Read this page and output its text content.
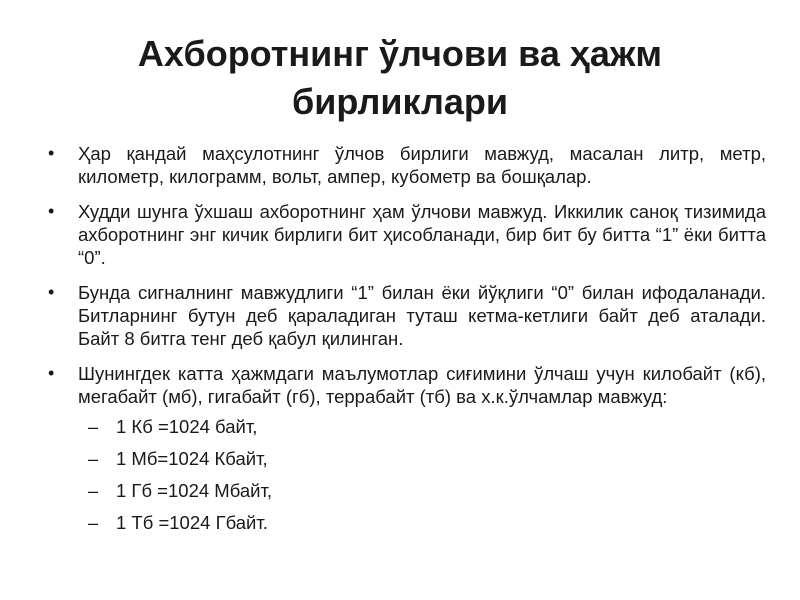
Ахборотнинг ўлчови ва ҳажм бирликлари
• Ҳар қандай маҳсулотнинг ўлчов бирлиги мавжуд, масалан литр, метр, километр, килограмм, вольт, ампер, кубометр ва бошқалар.
• Худди шунга ўхшаш ахборотнинг ҳам ўлчови мавжуд. Иккилик саноқ тизимида ахборотнинг энг кичик бирлиги бит ҳисобланади, бир бит бу битта “1” ёки битта “0”.
• Бунда сигналнинг мавжудлиги “1” билан ёки йўқлиги “0” билан ифодаланади. Битларнинг бутун деб қараладиган туташ кетма-кетлиги байт деб аталади. Байт 8 битга тенг деб қабул қилинган.
• Шунингдек катта ҳажмдаги маълумотлар сиғимини ўлчаш учун килобайт (кб), мегабайт (мб), гигабайт (гб), террабайт (тб) ва х.к.ўлчамлар мавжуд:
– 1 Кб =1024 байт,
– 1 Мб=1024 Кбайт,
– 1 Гб =1024 Мбайт,
– 1 Тб =1024 Гбайт.
